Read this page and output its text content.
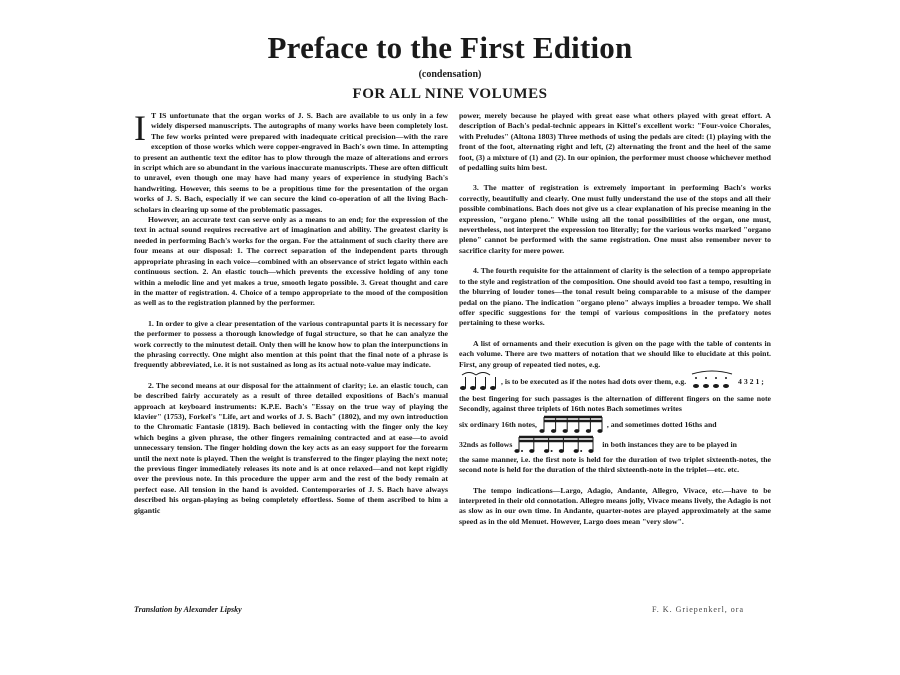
Preface to the First Edition
(condensation)
FOR ALL NINE VOLUMES

I T IS unfortunate that the organ works of J. S. Bach are available to us only in a few widely dispersed manuscripts. The autographs of many works have been completely lost. The few works printed were prepared with inadequate critical precision—with the rare exception of those works which were copper-engraved in Bach's own time. In attempting to present an authentic text the editor has to plow through the maze of alterations and errors in script which are so abundant in the various inaccurate manuscripts. These are often difficult to unravel, even though one may have had many years of experience in studying Bach's handwriting. However, this seems to be a propitious time for the presentation of the organ works of J. S. Bach, especially if we can secure the kind co-operation of all the living Bach-scholars in clearing up some of the problematic passages.

However, an accurate text can serve only as a means to an end; for the expression of the text in actual sound requires recreative art of imagination and ability. The greatest clarity is needed in performing Bach's works for the organ. For the attainment of such clarity there are four means at our disposal: 1. The correct separation of the independent parts through appropriate phrasing in each voice—combined with an observance of strict legato within each continuous section. 2. An elastic touch—which prevents the excessive holding of any tone within a melodic line and yet makes a true, smooth legato possible. 3. Great thought and care in the matter of registration. 4. Choice of a tempo appropriate to the mood of the composition as well as to the registration planned by the performer.

1. In order to give a clear presentation of the various contrapuntal parts it is necessary for the performer to possess a thorough knowledge of fugal structure, so that he can analyze the work correctly to the minutest detail. Only then will he know how to plan the interpunctions in the phrasing correctly. One might also mention at this point that the final note of a phrase is frequently abbreviated, i.e. it is not sustained as long as its actual note-value may indicate.

2. The second means at our disposal for the attainment of clarity; i.e. an elastic touch, can be described fairly accurately as a result of three detailed expositions of Bach's manual approach at keyboard instruments: K.P.E. Bach's "Essay on the true way of playing the klavier" (1753), Forkel's "Life, art and works of J. S. Bach" (1802), and my own introduction to the Chromatic Fantasie (1819). Bach believed in contacting with the finger only the key which begins a given phrase, the other fingers remaining contracted and at ease—to avoid unnecessary tension. The finger holding down the key acts as an easy support for the forearm until the next note is played. Then the weight is transferred to the finger playing the next note; the previous finger immediately releases its note and is at once relaxed—and not kept rigidly over the previous note. In this procedure the upper arm and the rest of the body remain at perfect ease. All tension in the hand is avoided. Contemporaries of J. S. Bach have always described his organ-playing as being completely effortless. Some of them ascribed to him a gigantic

power, merely because he played with great ease what others played with great effort. A description of Bach's pedal-technic appears in Kittel's excellent work: "Four-voice Chorales, with Preludes" (Altona 1803) Three methods of using the pedals are cited: (1) playing with the front of the foot, alternating right and left, (2) alternating the front and the heel of the same foot, (3) a mixture of (1) and (2). In our opinion, the performer must choose whichever method of pedalling suits him best.

3. The matter of registration is extremely important in performing Bach's works correctly, beautifully and clearly. One must fully understand the use of the stops and all their possible combinations. Bach does not give us a clear explanation of his precise meaning in the expression, "organo pleno." While using all the tonal possibilities of the organ, one must, nevertheless, not interpret the expression too literally; for the various works marked "organo pleno" cannot be performed with the same registration. One must also remember never to sacrifice clarity for mere power.

4. The fourth requisite for the attainment of clarity is the selection of a tempo appropriate to the style and registration of the composition. One should avoid too fast a tempo, resulting in the blurring of louder tones—the tonal result being comparable to a misuse of the damper pedal on the piano. The indication "organo pleno" always implies a broader tempo. We shall offer specific suggestions for the tempi of various compositions in the prefatory notes pertaining to these works.

A list of ornaments and their execution is given on the page with the table of contents in each volume. There are two matters of notation that we should like to elucidate at this point. First, any group of repeated tied notes, e.g.

, is to be executed as if the notes had dots over them, e.g.	4 3 2 1 ;

the best fingering for such passages is the alternation of different fingers on the same note Secondly, against three triplets of 16th notes Bach sometimes writes

six ordinary 16th notes,	, and sometimes dotted 16ths and

32nds as follows	in both instances they are to be played in

the same manner, i.e. the first note is held for the duration of two triplet sixteenth-notes, the second note is held for the duration of the third sixteenth-note in the triplet—etc. etc.

The tempo indications—Largo, Adagio, Andante, Allegro, Vivace, etc.—have to be interpreted in their old connotation. Allegro means jolly, Vivace means lively, the Adagio is not as slow as in our own time. In Andante, quarter-notes are played approximately at the same speed as in the old Menuet. However, Largo does mean "very slow".

Translation by Alexander Lipsky	F. K. Griepenkerl, ora
